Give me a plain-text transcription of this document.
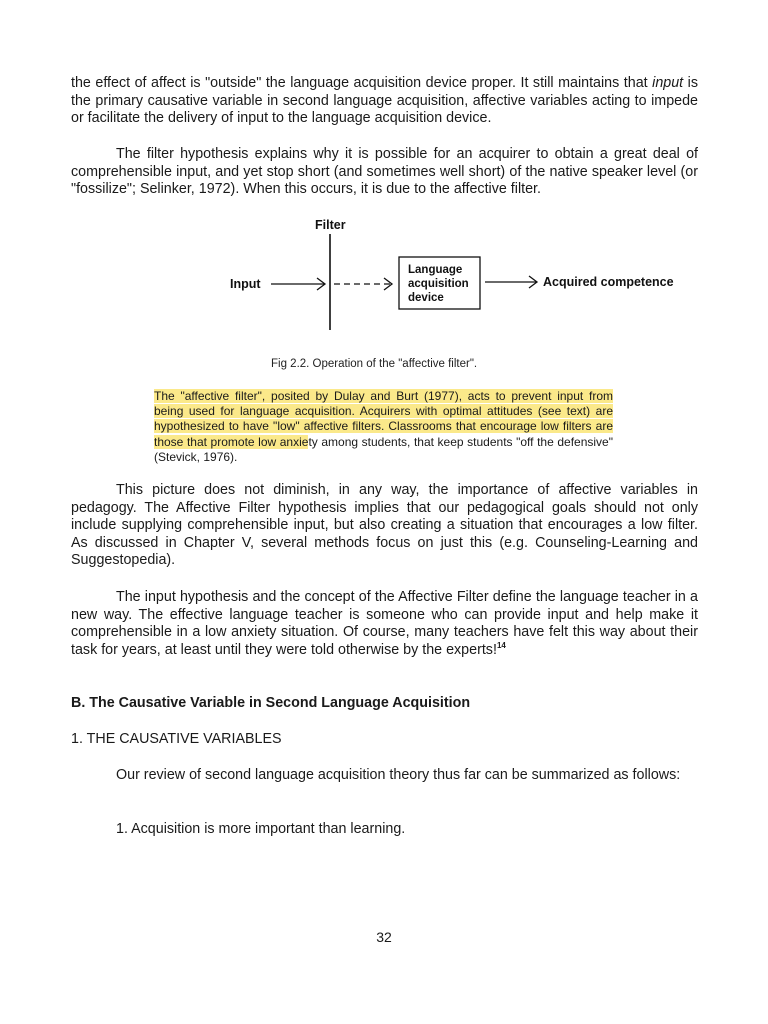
the effect of affect is "outside" the language acquisition device proper. It still maintains that input is the primary causative variable in second language acquisition, affective variables acting to impede or facilitate the delivery of input to the language acquisition device.

The filter hypothesis explains why it is possible for an acquirer to obtain a great deal of comprehensible input, and yet stop short (and sometimes well short) of the native speaker level (or "fossilize"; Selinker, 1972). When this occurs, it is due to the affective filter.

Filter
Input
Language
acquisition
device
Acquired competence
Fig 2.2. Operation of the "affective filter".
The "affective filter", posited by Dulay and Burt (1977), acts to prevent input from being used for language acquisition. Acquirers with optimal attitudes (see text) are hypothesized to have "low" affective filters. Classrooms that encourage low filters are those that promote low anxiety among students, that keep students "off the defensive" (Stevick, 1976).

This picture does not diminish, in any way, the importance of affective variables in pedagogy. The Affective Filter hypothesis implies that our pedagogical goals should not only include supplying comprehensible input, but also creating a situation that encourages a low filter. As discussed in Chapter V, several methods focus on just this (e.g. Counseling-Learning and Suggestopedia).

The input hypothesis and the concept of the Affective Filter define the language teacher in a new way. The effective language teacher is someone who can provide input and help make it comprehensible in a low anxiety situation. Of course, many teachers have felt this way about their task for years, at least until they were told otherwise by the experts!$^{14}$

B. The Causative Variable in Second Language Acquisition
1. THE CAUSATIVE VARIABLES

Our review of second language acquisition theory thus far can be summarized as follows:

1. Acquisition is more important than learning.
32
